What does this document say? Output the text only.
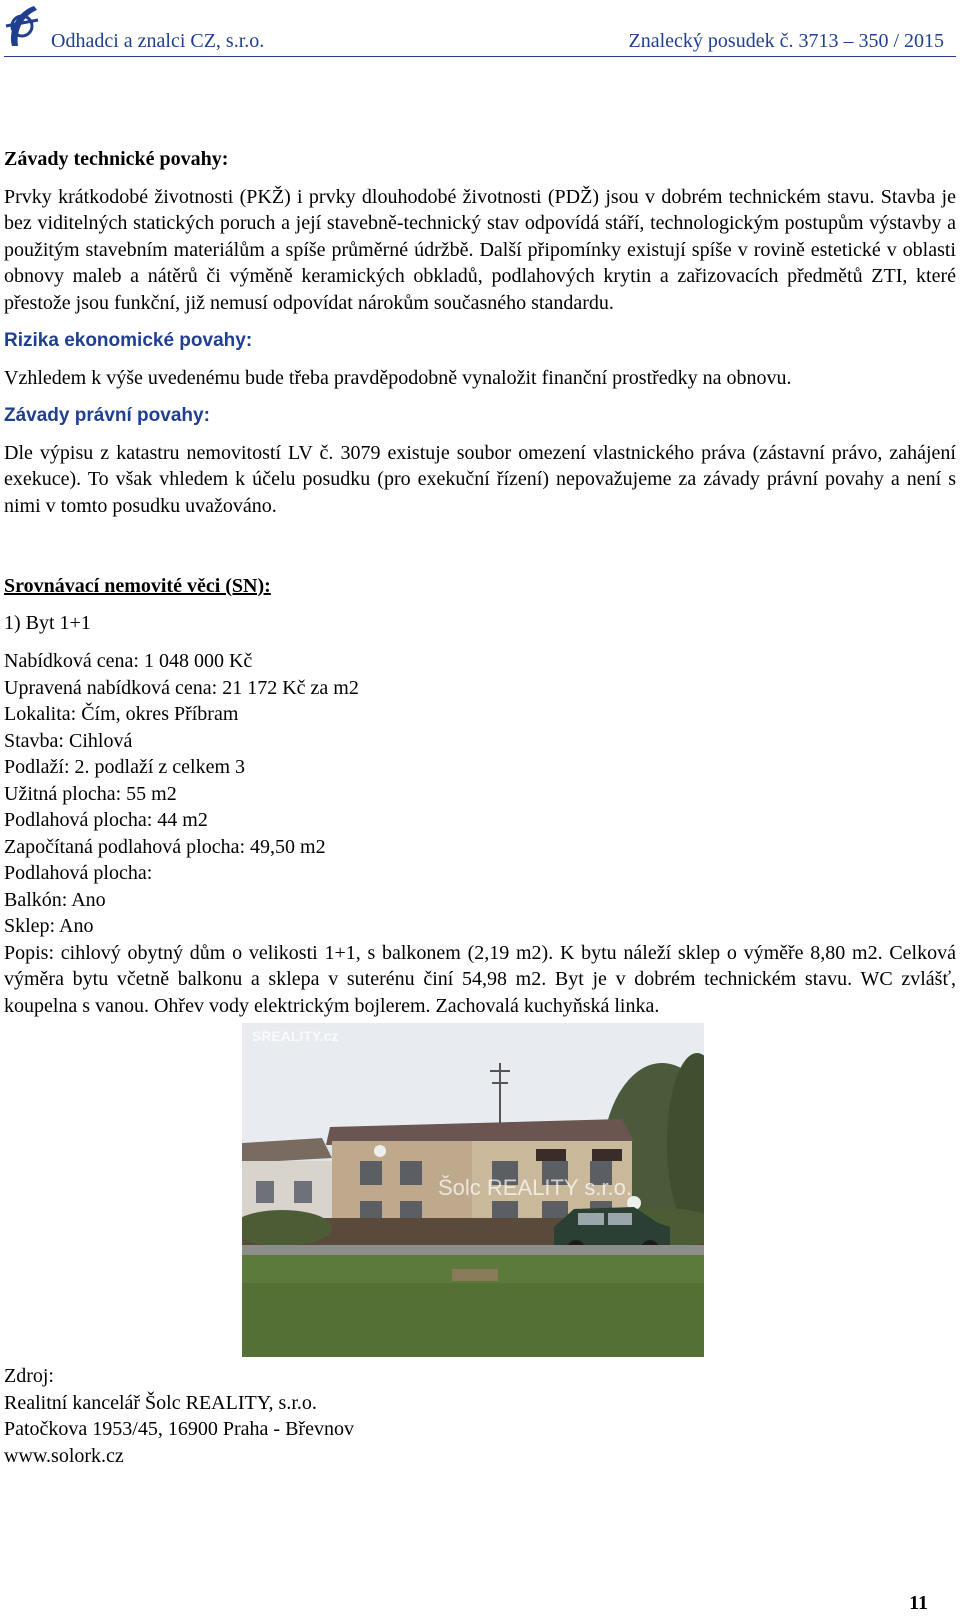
Odhadci a znalci CZ, s.r.o.	Znalecký posudek č. 3713 – 350 / 2015
Závady technické povahy:
Prvky krátkodobé životnosti (PKŽ) i prvky dlouhodobé životnosti (PDŽ) jsou v dobrém technickém stavu. Stavba je bez viditelných statických poruch a její stavebně-technický stav odpovídá stáří, technologickým postupům výstavby a použitým stavebním materiálům a spíše průměrné údržbě. Další připomínky existují spíše v rovině estetické v oblasti obnovy maleb a nátěrů či výměně keramických obkladů, podlahových krytin a zařizovacích předmětů ZTI, které přestože jsou funkční, již nemusí odpovídat nárokům současného standardu.
Rizika ekonomické povahy:
Vzhledem k výše uvedenému bude třeba pravděpodobně vynaložit finanční prostředky na obnovu.
Závady právní povahy:
Dle výpisu z katastru nemovitostí LV č. 3079 existuje soubor omezení vlastnického práva (zástavní právo, zahájení exekuce). To však vhledem k účelu posudku (pro exekuční řízení) nepovažujeme za závady právní povahy a není s nimi v tomto posudku uvažováno.
Srovnávací nemovité věci (SN):
1) Byt 1+1
Nabídková cena: 1 048 000 Kč
Upravená nabídková cena: 21 172 Kč za m2
Lokalita: Čím, okres Příbram
Stavba: Cihlová
Podlaží: 2. podlaží z celkem 3
Užitná plocha: 55 m2
Podlahová plocha: 44 m2
Započítaná podlahová plocha: 49,50 m2
Podlahová plocha:
Balkón: Ano
Sklep: Ano
Popis: cihlový obytný dům o velikosti 1+1, s balkonem (2,19 m2). K bytu náleží sklep o výměře 8,80 m2. Celková výměra bytu včetně balkonu a sklepa v suterénu činí 54,98 m2. Byt je v dobrém technickém stavu. WC zvlášť, koupelna s vanou. Ohřev vody elektrickým bojlerem. Zachovalá kuchyňská linka.
SREALITY.cz
Šolc REALITY s.r.o.
Zdroj:
Realitní kancelář Šolc REALITY, s.r.o.
Patočkova 1953/45, 16900 Praha - Břevnov
www.solork.cz
11
